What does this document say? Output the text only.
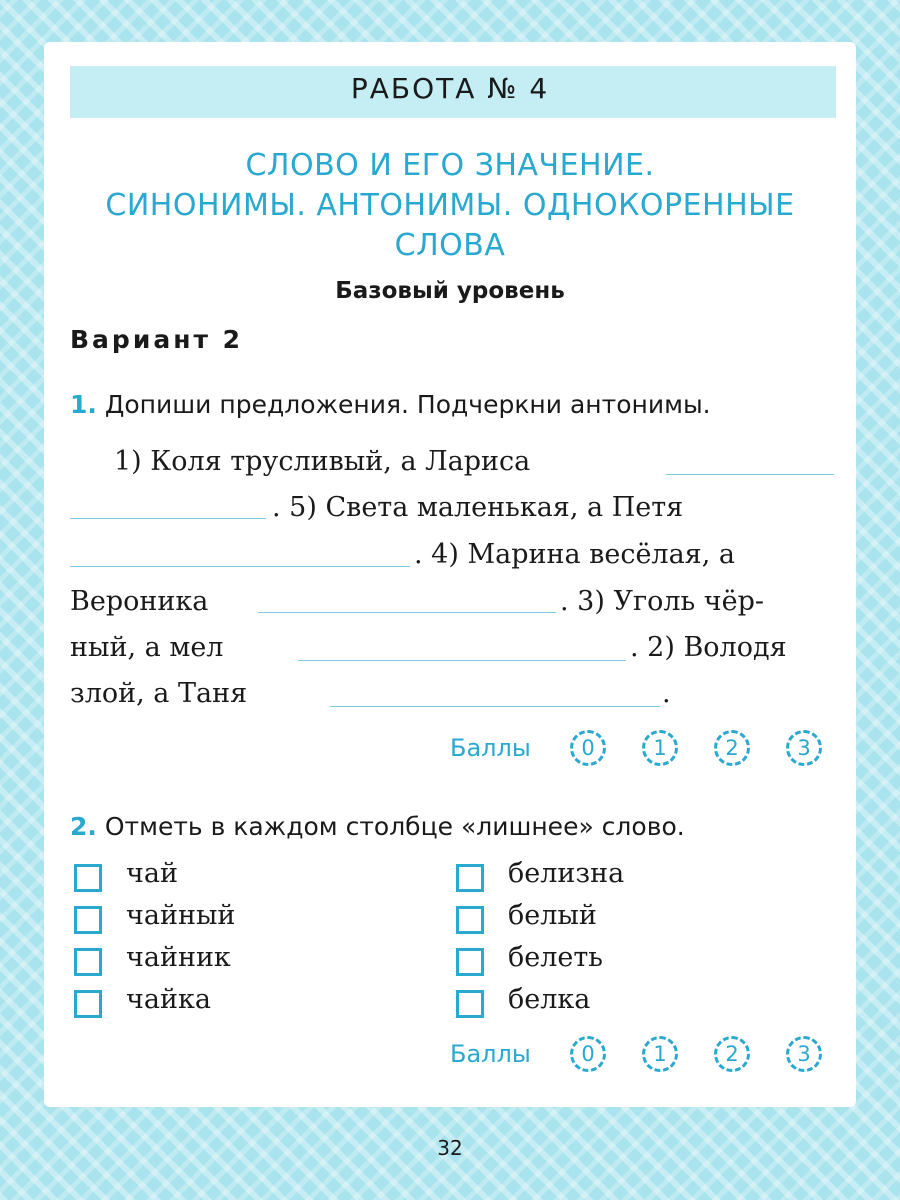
РАБОТА № 4
СЛОВО И ЕГО ЗНАЧЕНИЕ.
СИНОНИМЫ. АНТОНИМЫ. ОДНОКОРЕННЫЕ
СЛОВА
Базовый уровень
Вариант 2
1. Допиши предложения. Подчеркни антонимы.
1) Коля трусливый, а Лариса
. 5) Света маленькая, а Петя
. 4) Марина весёлая, а
Вероника	. 3) Уголь чёр-
ный, а мел	. 2) Володя
злой, а Таня	.
Баллы	0	1	2	3
2. Отметь в каждом столбце «лишнее» слово.
чай
чайный
чайник
чайка
белизна
белый
белеть
белка
Баллы	0	1	2	3
32
